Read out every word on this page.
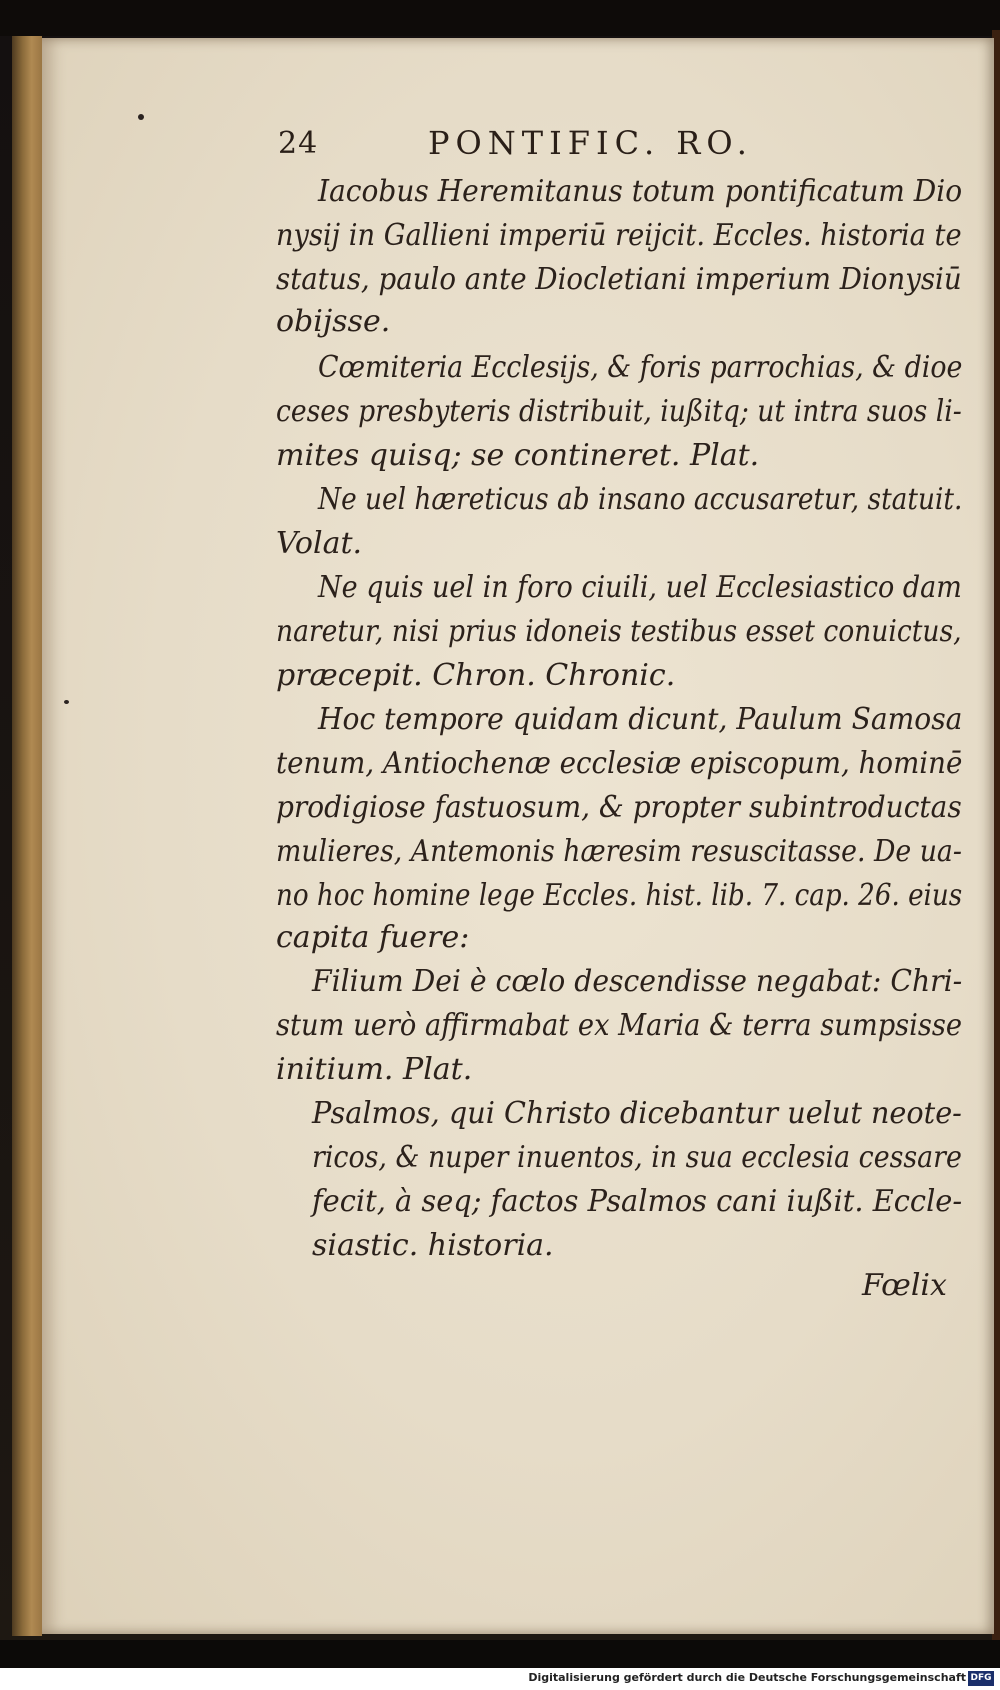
24	PONTIFIC. RO.
Iacobus Heremitanus totum pontificatum Dio
nysij in Gallieni imperiū reijcit. Eccles. historia te
status, paulo ante Diocletiani imperium Dionysiū
obijsse.
Cœmiteria Ecclesijs, & foris parrochias, & dioe
ceses presbyteris distribuit, iußitq; ut intra suos li-
mites quisq; se contineret. Plat.
Ne uel hæreticus ab insano accusaretur, statuit.
Volat.
Ne quis uel in foro ciuili, uel Ecclesiastico dam
naretur, nisi prius idoneis testibus esset conuictus,
præcepit. Chron. Chronic.
Hoc tempore quidam dicunt, Paulum Samosa
tenum, Antiochenæ ecclesiæ episcopum, hominē
prodigiose fastuosum, & propter subintroductas
mulieres, Antemonis hæresim resuscitasse. De ua-
no hoc homine lege Eccles. hist. lib. 7. cap. 26. eius
capita fuere:
Filium Dei è cœlo descendisse negabat: Chri-
stum uerò affirmabat ex Maria & terra sumpsisse
initium. Plat.
Psalmos, qui Christo dicebantur uelut neote-
ricos, & nuper inuentos, in sua ecclesia cessare
fecit, à seq; factos Psalmos cani iußit. Eccle-
siastic. historia.
Fœlix
Digitalisierung gefördert durch die Deutsche Forschungsgemeinschaft DFG
